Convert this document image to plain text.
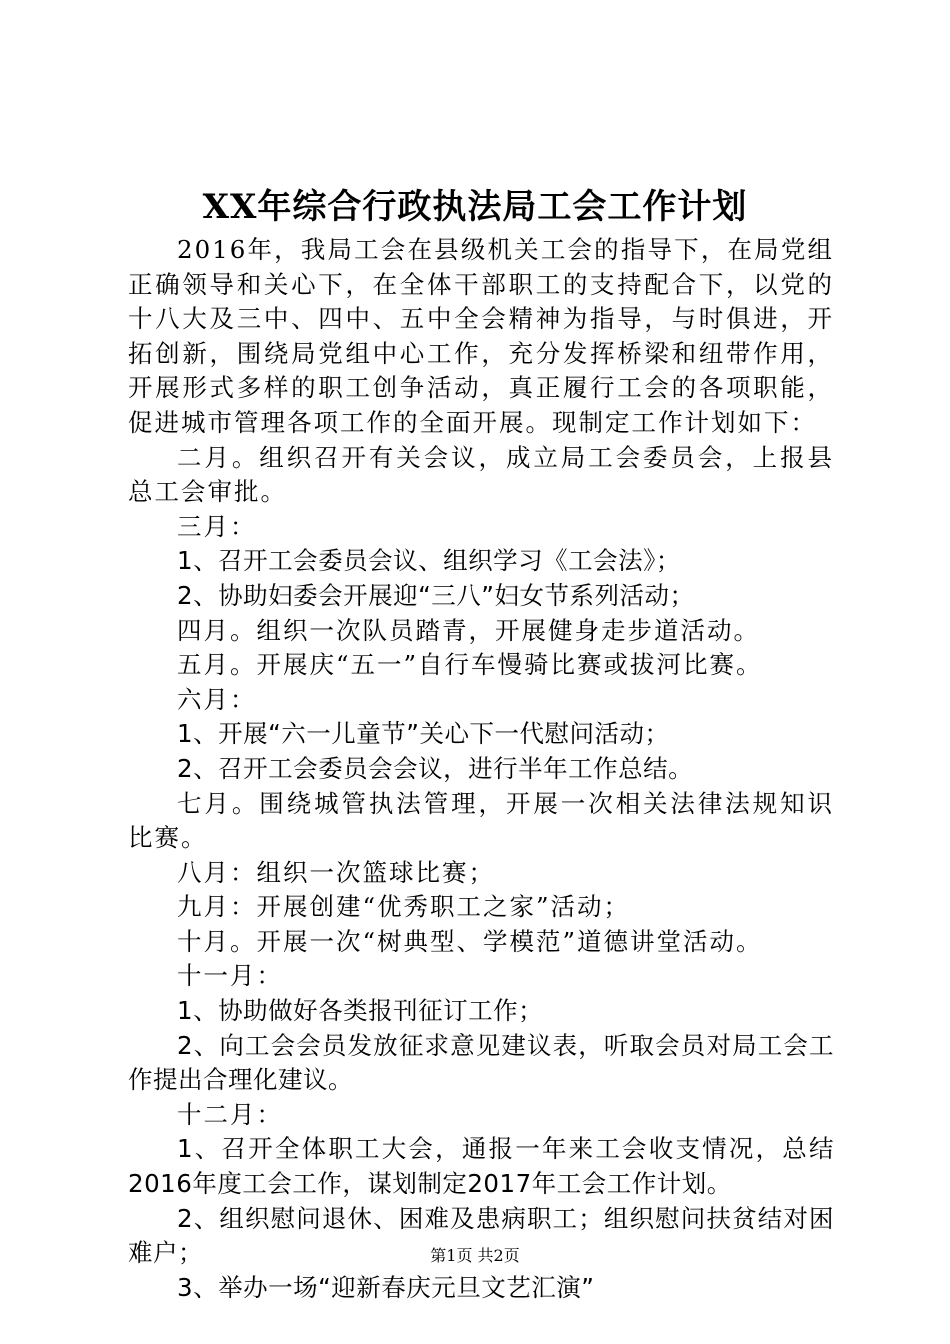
XX年综合行政执法局工会工作计划

2016年，我局工会在县级机关工会的指导下，在局党组正确领导和关心下，在全体干部职工的支持配合下，以党的十八大及三中、四中、五中全会精神为指导，与时俱进，开拓创新，围绕局党组中心工作，充分发挥桥梁和纽带作用，开展形式多样的职工创争活动，真正履行工会的各项职能，促进城市管理各项工作的全面开展。现制定工作计划如下：

二月。组织召开有关会议，成立局工会委员会，上报县总工会审批。

三月：

1、召开工会委员会议、组织学习《工会法》；

2、协助妇委会开展迎“三八”妇女节系列活动；

四月。组织一次队员踏青，开展健身走步道活动。

五月。开展庆“五一”自行车慢骑比赛或拔河比赛。

六月：

1、开展“六一儿童节”关心下一代慰问活动；

2、召开工会委员会会议，进行半年工作总结。

七月。围绕城管执法管理，开展一次相关法律法规知识比赛。

八月：组织一次篮球比赛；

九月：开展创建“优秀职工之家”活动；

十月。开展一次“树典型、学模范”道德讲堂活动。

十一月：

1、协助做好各类报刊征订工作；

2、向工会会员发放征求意见建议表，听取会员对局工会工作提出合理化建议。

十二月：

1、召开全体职工大会，通报一年来工会收支情况，总结2016年度工会工作，谋划制定2017年工会工作计划。

2、组织慰问退休、困难及患病职工；组织慰问扶贫结对困难户；

3、举办一场“迎新春庆元旦文艺汇演”

第1页 共2页
